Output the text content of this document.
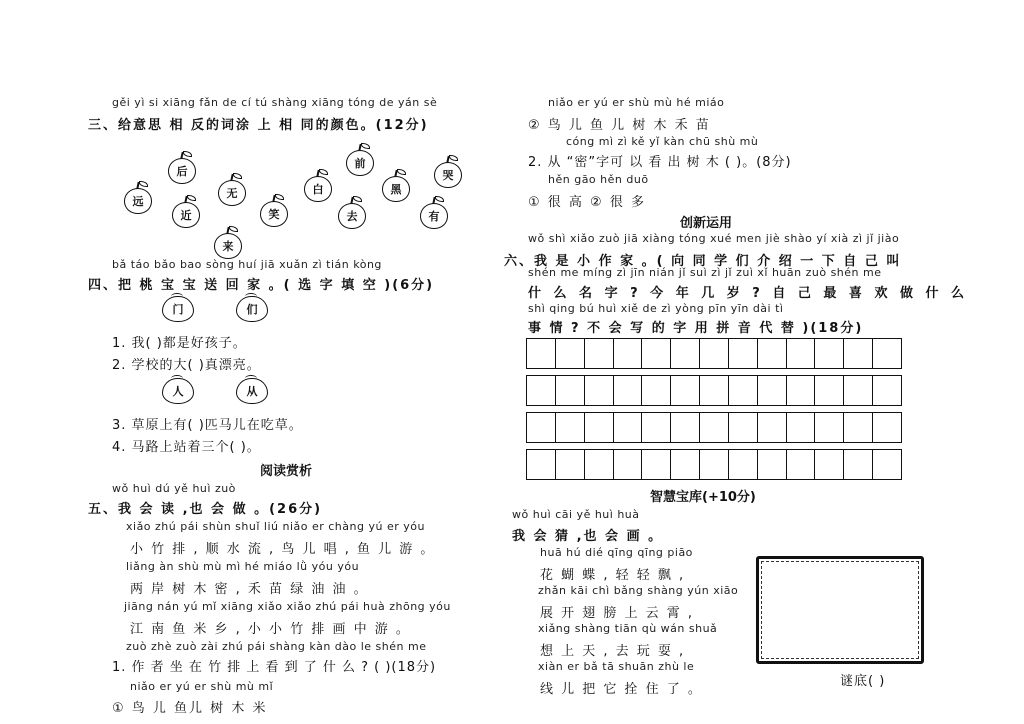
gěi yì si xiāng fǎn de cí tú shàng xiāng tóng de yán sè
三、给意思 相 反的词涂 上 相 同的颜色。(12分)
后
前
哭
远
无	白	黑
近	笑	去	有
来
bǎ táo bǎo bao sòng huí jiā xuǎn zì tián kòng
四、把 桃 宝 宝 送 回 家 。( 选 字 填 空 )(6分)
门	们
1. 我( )都是好孩子。
2. 学校的大( )真漂亮。
人	从
3. 草原上有( )匹马儿在吃草。
4. 马路上站着三个( )。
阅读赏析
wǒ huì dú yě huì zuò
五、我 会 读 ,也 会 做 。(26分)
xiǎo zhú pái shùn shuǐ liú niǎo er chàng yú er yóu
小 竹 排 , 顺 水 流 , 鸟 儿 唱 , 鱼 儿 游 。
liǎng àn shù mù mì hé miáo lǜ yóu yóu
两 岸 树 木 密 , 禾 苗 绿 油 油 。
jiāng nán yú mǐ xiāng xiǎo xiǎo zhú pái huà zhōng yóu
江 南 鱼 米 乡 , 小 小 竹 排 画 中 游 。
zuò zhè zuò zài zhú pái shàng kàn dào le shén me
1. 作 者 坐 在 竹 排 上 看 到 了 什 么 ? ( )(18分)
niǎo er yú er shù mù mǐ
① 鸟 儿 鱼儿 树 木 米
niǎo er yú er shù mù hé miáo
② 鸟 儿 鱼 儿 树 木 禾 苗
cóng mì zì kě yǐ kàn chū shù mù
2. 从 “密”字可 以 看 出 树 木 ( )。(8分)
hěn gāo hěn duō
① 很 高 ② 很 多
创新运用
wǒ shì xiǎo zuò jiā xiàng tóng xué men jiè shào yí xià zì jǐ jiào
六、我 是 小 作 家 。( 向 同 学 们 介 绍 一 下 自 己 叫
shén me míng zì jīn nián jǐ suì zì jǐ zuì xǐ huān zuò shén me
什 么 名 字 ? 今 年 几 岁 ? 自 己 最 喜 欢 做 什 么
shì qing bú huì xiě de zì yòng pīn yīn dài tì
事 情 ? 不 会 写 的 字 用 拼 音 代 替 )(18分)
智慧宝库(+10分)
wǒ huì cāi yě huì huà
我 会 猜 ,也 会 画 。
huā hú dié qīng qīng piāo
花 蝴 蝶 , 轻 轻 飘 ,
zhǎn kāi chì bǎng shàng yún xiāo
展 开 翅 膀 上 云 霄 ,
xiǎng shàng tiān qù wán shuǎ
想 上 天 , 去 玩 耍 ,
xiàn er bǎ tā shuān zhù le
线 儿 把 它 拴 住 了 。
谜底( )
